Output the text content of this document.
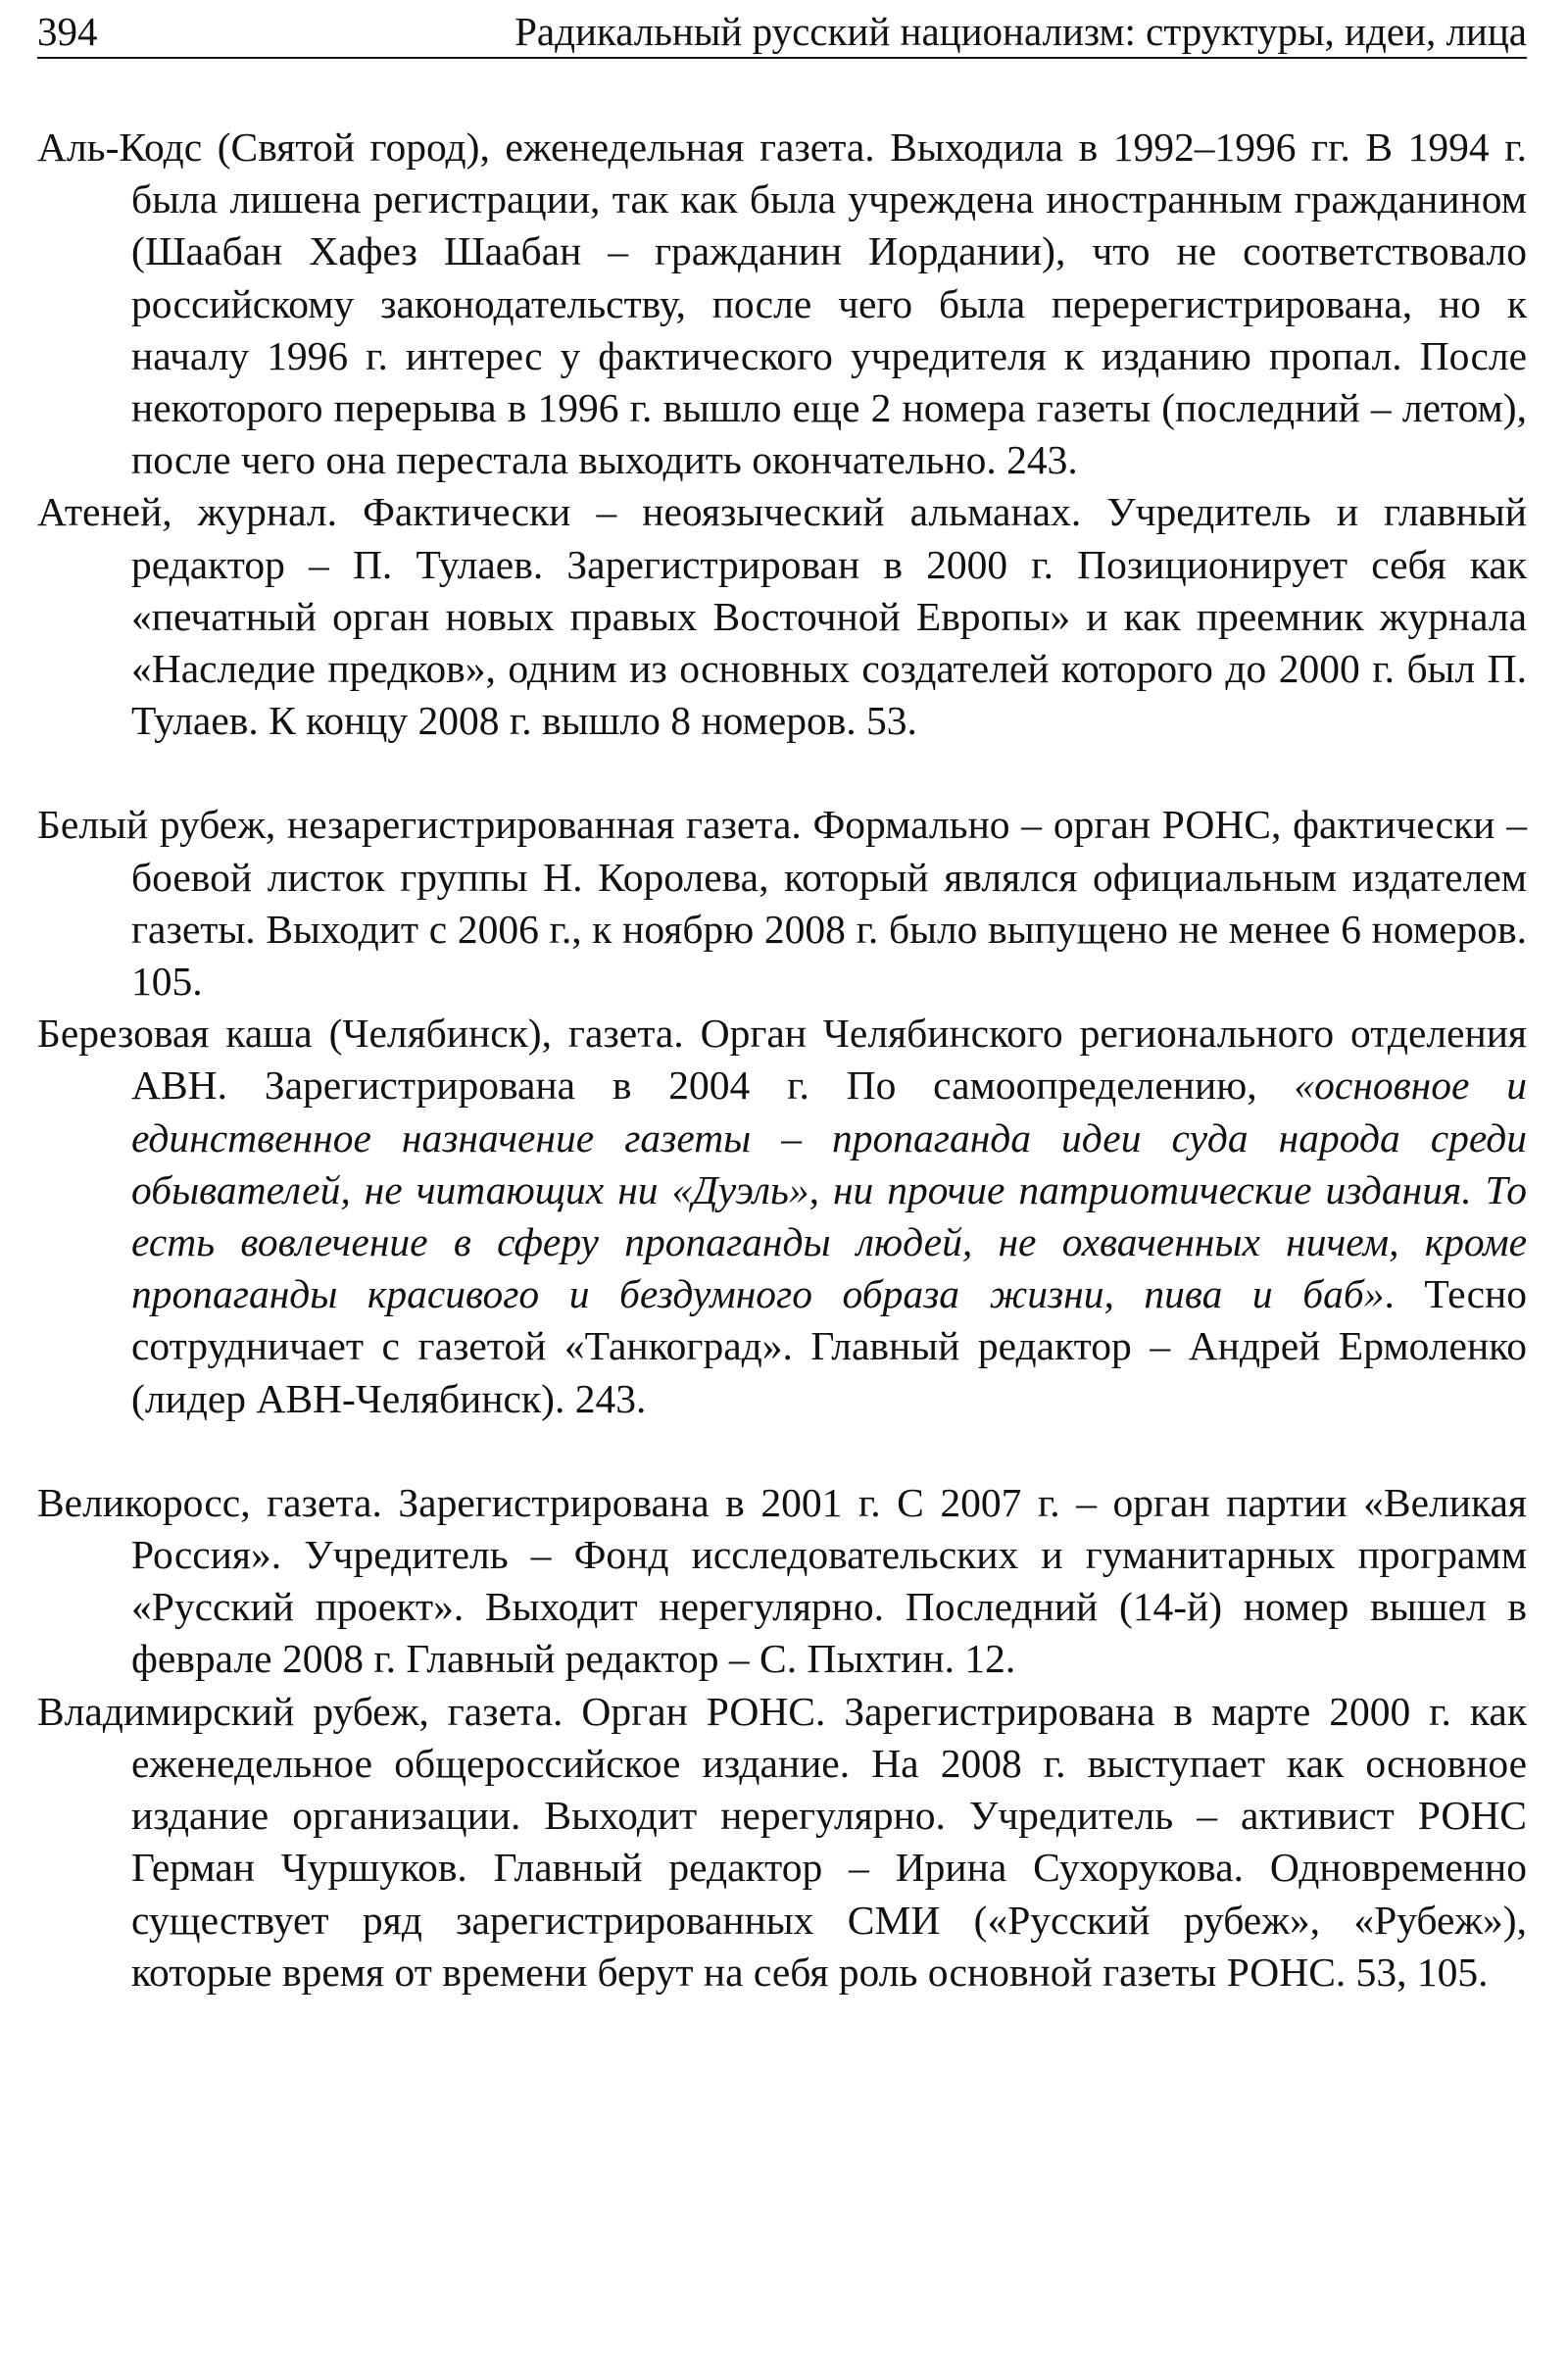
394	Радикальный русский национализм: структуры, идеи, лица

Аль-Кодс (Святой город), еженедельная газета. Выходила в 1992–1996 гг. В 1994 г. была лишена регистрации, так как была учреждена иностранным гражданином (Шаабан Хафез Шаабан – гражданин Иордании), что не соответствовало российскому законодательству, после чего была перерегистрирована, но к началу 1996 г. интерес у фактического учредителя к изданию пропал. После некоторого перерыва в 1996 г. вышло еще 2 номера газеты (последний – летом), после чего она перестала выходить окончательно. 243.

Атеней, журнал. Фактически – неоязыческий альманах. Учредитель и главный редактор – П. Тулаев. Зарегистрирован в 2000 г. Позиционирует себя как «печатный орган новых правых Восточной Европы» и как преемник журнала «Наследие предков», одним из основных создателей которого до 2000 г. был П. Тулаев. К концу 2008 г. вышло 8 номеров. 53.

Белый рубеж, незарегистрированная газета. Формально – орган РОНС, фактически – боевой листок группы Н. Королева, который являлся официальным издателем газеты. Выходит с 2006 г., к ноябрю 2008 г. было выпущено не менее 6 номеров. 105.

Березовая каша (Челябинск), газета. Орган Челябинского регионального отделения АВН. Зарегистрирована в 2004 г. По самоопределению, «основное и единственное назначение газеты – пропаганда идеи суда народа среди обывателей, не читающих ни «Дуэль», ни прочие патриотические издания. То есть вовлечение в сферу пропаганды людей, не охваченных ничем, кроме пропаганды красивого и бездумного образа жизни, пива и баб». Тесно сотрудничает с газетой «Танкоград». Главный редактор – Андрей Ермоленко (лидер АВН-Челябинск). 243.

Великоросс, газета. Зарегистрирована в 2001 г. С 2007 г. – орган партии «Великая Россия». Учредитель – Фонд исследовательских и гуманитарных программ «Русский проект». Выходит нерегулярно. Последний (14-й) номер вышел в феврале 2008 г. Главный редактор – С. Пыхтин. 12.

Владимирский рубеж, газета. Орган РОНС. Зарегистрирована в марте 2000 г. как еженедельное общероссийское издание. На 2008 г. выступает как основное издание организации. Выходит нерегулярно. Учредитель – активист РОНС Герман Чуршуков. Главный редактор – Ирина Сухорукова. Одновременно существует ряд зарегистрированных СМИ («Русский рубеж», «Рубеж»), которые время от времени берут на себя роль основной газеты РОНС. 53, 105.
